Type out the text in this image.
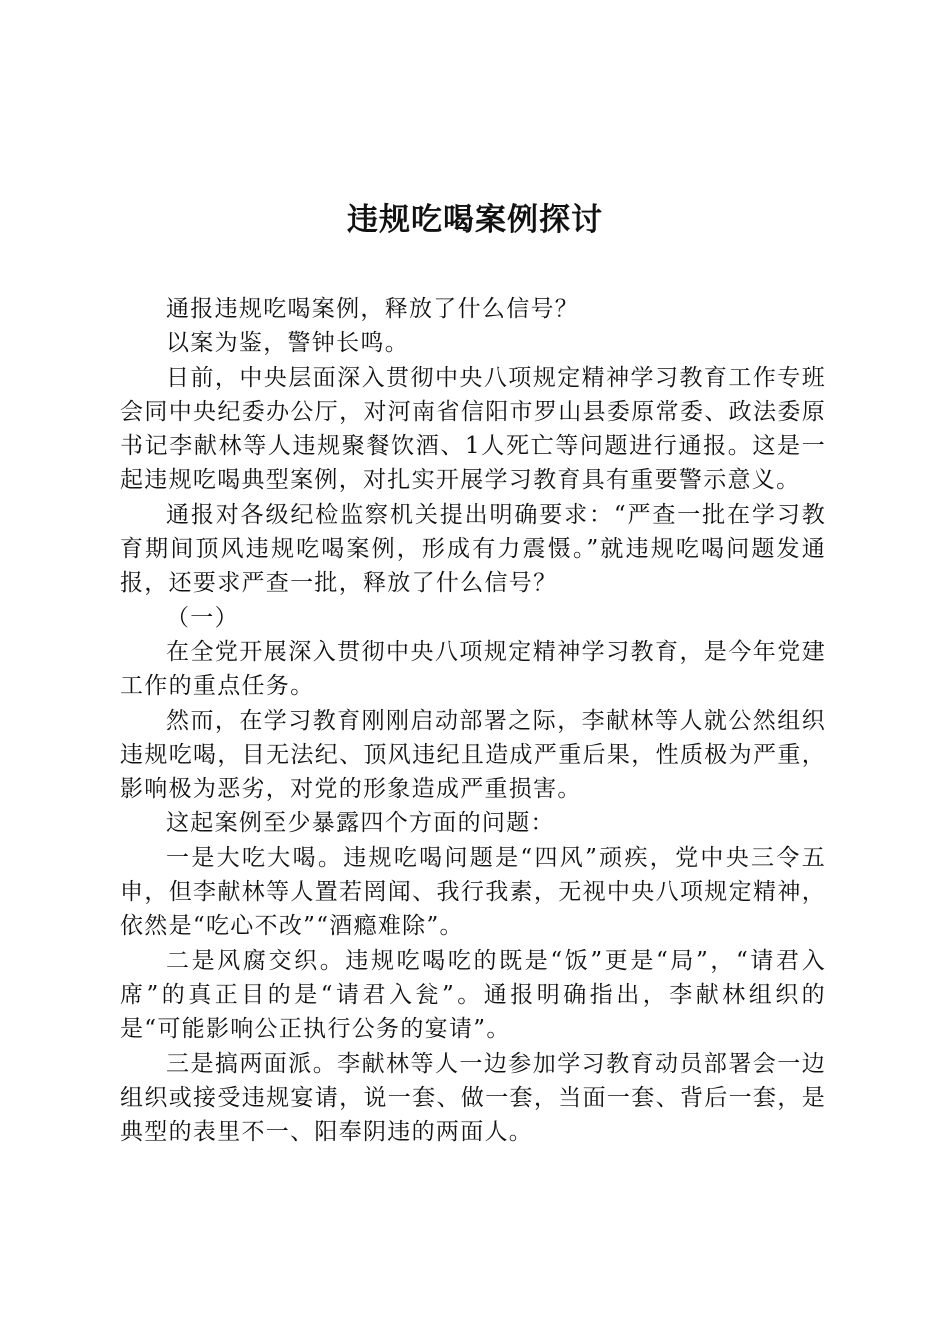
违规吃喝案例探讨

通报违规吃喝案例，释放了什么信号？

以案为鉴，警钟长鸣。

日前，中央层面深入贯彻中央八项规定精神学习教育工作专班会同中央纪委办公厅，对河南省信阳市罗山县委原常委、政法委原书记李献林等人违规聚餐饮酒、1人死亡等问题进行通报。这是一起违规吃喝典型案例，对扎实开展学习教育具有重要警示意义。

通报对各级纪检监察机关提出明确要求：“严查一批在学习教育期间顶风违规吃喝案例，形成有力震慑。”就违规吃喝问题发通报，还要求严查一批，释放了什么信号？

（一）

在全党开展深入贯彻中央八项规定精神学习教育，是今年党建工作的重点任务。

然而，在学习教育刚刚启动部署之际，李献林等人就公然组织违规吃喝，目无法纪、顶风违纪且造成严重后果，性质极为严重，影响极为恶劣，对党的形象造成严重损害。

这起案例至少暴露四个方面的问题：

一是大吃大喝。违规吃喝问题是“四风”顽疾，党中央三令五申，但李献林等人置若罔闻、我行我素，无视中央八项规定精神，依然是“吃心不改”“酒瘾难除”。

二是风腐交织。违规吃喝吃的既是“饭”更是“局”，“请君入席”的真正目的是“请君入瓮”。通报明确指出，李献林组织的是“可能影响公正执行公务的宴请”。

三是搞两面派。李献林等人一边参加学习教育动员部署会一边组织或接受违规宴请，说一套、做一套，当面一套、背后一套，是典型的表里不一、阳奉阴违的两面人。
